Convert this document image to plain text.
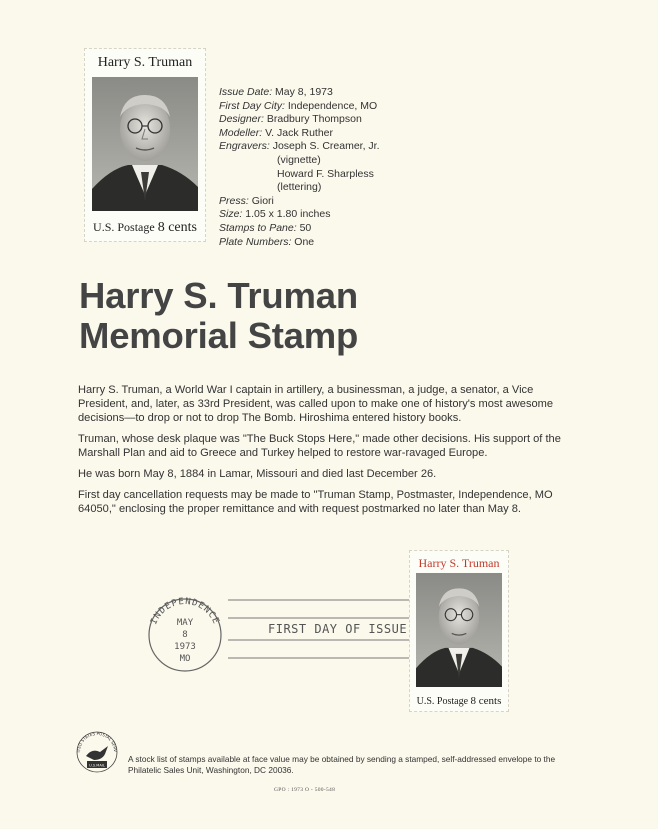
Harry S. Truman
U.S. Postage 8 cents
Issue Date: May 8, 1973
First Day City: Independence, MO
Designer: Bradbury Thompson
Modeller: V. Jack Ruther
Engravers: Joseph S. Creamer, Jr.
(vignette)
Howard F. Sharpless
(lettering)
Press: Giori
Size: 1.05 x 1.80 inches
Stamps to Pane: 50
Plate Numbers: One
Harry S. Truman
Memorial Stamp

Harry S. Truman, a World War I captain in artillery, a businessman, a judge, a senator, a Vice President, and, later, as 33rd President, was called upon to make one of history's most awesome decisions—to drop or not to drop The Bomb. Hiroshima entered history books.

Truman, whose desk plaque was "The Buck Stops Here," made other decisions. His support of the Marshall Plan and aid to Greece and Turkey helped to restore war-ravaged Europe.

He was born May 8, 1884 in Lamar, Missouri and died last December 26.

First day cancellation requests may be made to "Truman Stamp, Postmaster, Independence, MO 64050," enclosing the proper remittance and with request postmarked no later than May 8.

INDEPENDENCE
MAY
8
1973
MO
FIRST DAY OF ISSUE
Harry S. Truman
U.S. Postage 8 cents
ITED STATES POSTAL SERV
U.S.MAIL
A stock list of stamps available at face value may be obtained by sending a stamped, self-addressed envelope to the Philatelic Sales Unit, Washington, DC 20036.
GPO : 1973 O - 500-548
